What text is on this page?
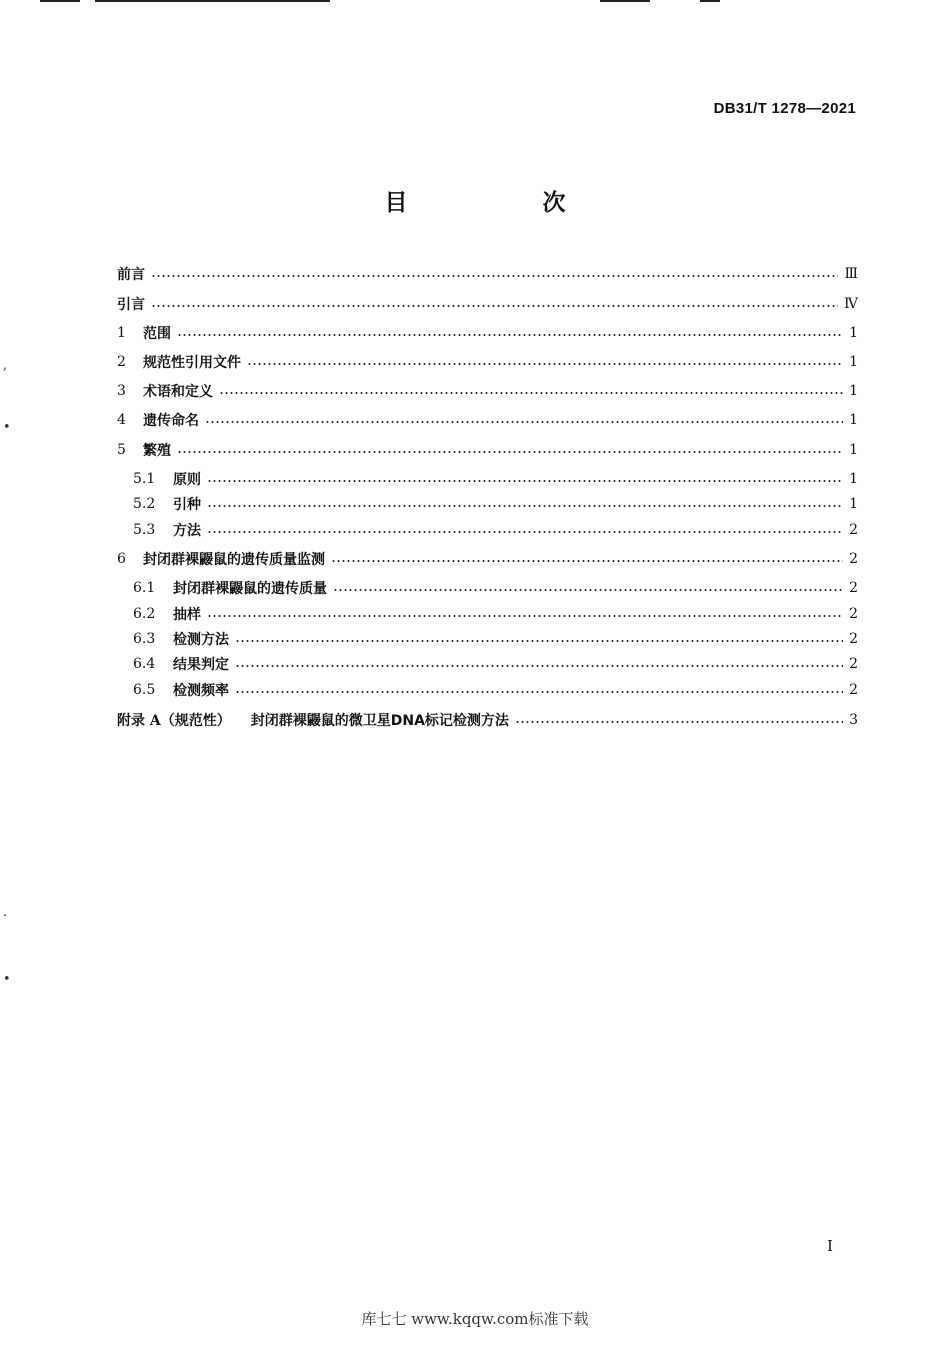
DB31/T 1278—2021
目　次
前言	Ⅲ
引言	Ⅳ
1	范围	1
2	规范性引用文件	1
3	术语和定义	1
4	遗传命名	1
5	繁殖	1
5.1	原则	1
5.2	引种	1
5.3	方法	2
6	封闭群裸鼹鼠的遗传质量监测	2
6.1	封闭群裸鼹鼠的遗传质量	2
6.2	抽样	2
6.3	检测方法	2
6.4	结果判定	2
6.5	检测频率	2
附录 A（规范性） 封闭群裸鼹鼠的微卫星DNA标记检测方法	3
,
•
.
•
I
库七七 www.kqqw.com标准下载
